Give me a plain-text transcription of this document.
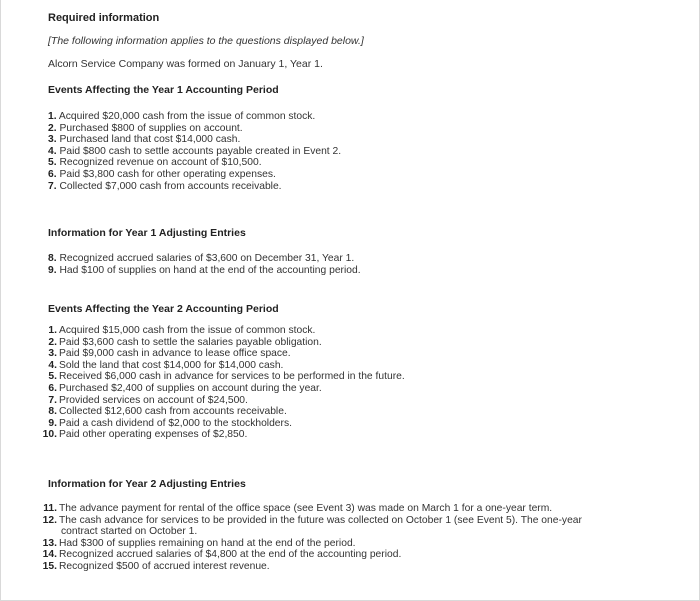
Required information
[The following information applies to the questions displayed below.]
Alcorn Service Company was formed on January 1, Year 1.
Events Affecting the Year 1 Accounting Period
1. Acquired $20,000 cash from the issue of common stock.
2. Purchased $800 of supplies on account.
3. Purchased land that cost $14,000 cash.
4. Paid $800 cash to settle accounts payable created in Event 2.
5. Recognized revenue on account of $10,500.
6. Paid $3,800 cash for other operating expenses.
7. Collected $7,000 cash from accounts receivable.
Information for Year 1 Adjusting Entries
8. Recognized accrued salaries of $3,600 on December 31, Year 1.
9. Had $100 of supplies on hand at the end of the accounting period.
Events Affecting the Year 2 Accounting Period
1. Acquired $15,000 cash from the issue of common stock.
2. Paid $3,600 cash to settle the salaries payable obligation.
3. Paid $9,000 cash in advance to lease office space.
4. Sold the land that cost $14,000 for $14,000 cash.
5. Received $6,000 cash in advance for services to be performed in the future.
6. Purchased $2,400 of supplies on account during the year.
7. Provided services on account of $24,500.
8. Collected $12,600 cash from accounts receivable.
9. Paid a cash dividend of $2,000 to the stockholders.
10. Paid other operating expenses of $2,850.
Information for Year 2 Adjusting Entries
11. The advance payment for rental of the office space (see Event 3) was made on March 1 for a one-year term.
12. The cash advance for services to be provided in the future was collected on October 1 (see Event 5). The one-year
contract started on October 1.
13. Had $300 of supplies remaining on hand at the end of the period.
14. Recognized accrued salaries of $4,800 at the end of the accounting period.
15. Recognized $500 of accrued interest revenue.
